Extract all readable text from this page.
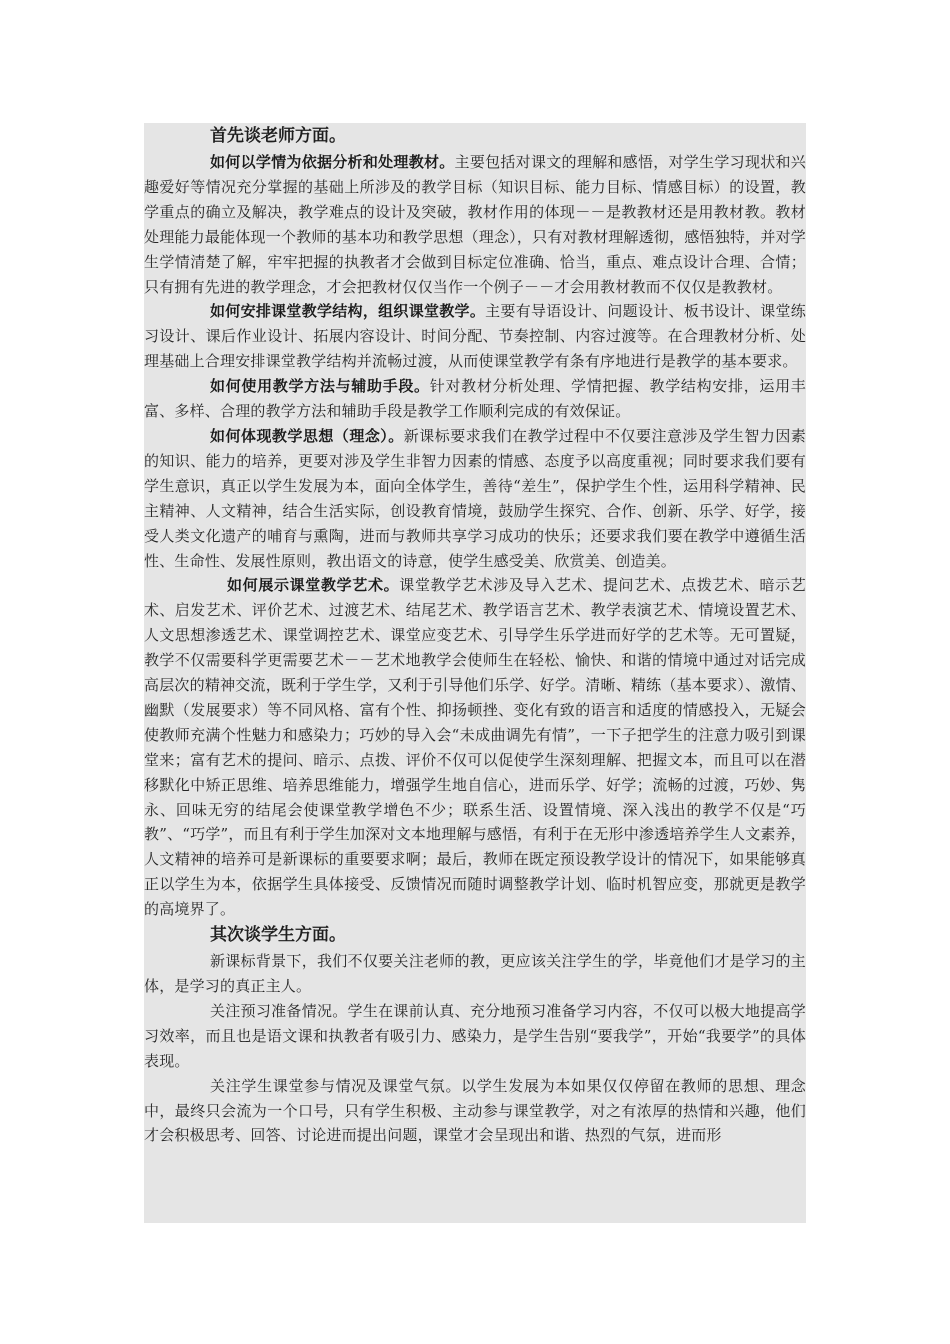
首先谈老师方面。

如何以学情为依据分析和处理教材。主要包括对课文的理解和感悟，对学生学习现状和兴趣爱好等情况充分掌握的基础上所涉及的教学目标（知识目标、能力目标、情感目标）的设置，教学重点的确立及解决，教学难点的设计及突破，教材作用的体现－－是教教材还是用教材教。教材处理能力最能体现一个教师的基本功和教学思想（理念），只有对教材理解透彻，感悟独特，并对学生学情清楚了解，牢牢把握的执教者才会做到目标定位准确、恰当，重点、难点设计合理、合情；只有拥有先进的教学理念，才会把教材仅仅当作一个例子－－才会用教材教而不仅仅是教教材。

如何安排课堂教学结构，组织课堂教学。主要有导语设计、问题设计、板书设计、课堂练习设计、课后作业设计、拓展内容设计、时间分配、节奏控制、内容过渡等。在合理教材分析、处理基础上合理安排课堂教学结构并流畅过渡，从而使课堂教学有条有序地进行是教学的基本要求。

如何使用教学方法与辅助手段。针对教材分析处理、学情把握、教学结构安排，运用丰富、多样、合理的教学方法和辅助手段是教学工作顺利完成的有效保证。

如何体现教学思想（理念）。新课标要求我们在教学过程中不仅要注意涉及学生智力因素的知识、能力的培养，更要对涉及学生非智力因素的情感、态度予以高度重视；同时要求我们要有学生意识，真正以学生发展为本，面向全体学生，善待“差生”，保护学生个性，运用科学精神、民主精神、人文精神，结合生活实际，创设教育情境，鼓励学生探究、合作、创新、乐学、好学，接受人类文化遗产的哺育与熏陶，进而与教师共享学习成功的快乐；还要求我们要在教学中遵循生活性、生命性、发展性原则，教出语文的诗意，使学生感受美、欣赏美、创造美。

如何展示课堂教学艺术。课堂教学艺术涉及导入艺术、提问艺术、点拨艺术、暗示艺术、启发艺术、评价艺术、过渡艺术、结尾艺术、教学语言艺术、教学表演艺术、情境设置艺术、人文思想渗透艺术、课堂调控艺术、课堂应变艺术、引导学生乐学进而好学的艺术等。无可置疑，教学不仅需要科学更需要艺术－－艺术地教学会使师生在轻松、愉快、和谐的情境中通过对话完成高层次的精神交流，既利于学生学，又利于引导他们乐学、好学。清晰、精练（基本要求）、激情、幽默（发展要求）等不同风格、富有个性、抑扬顿挫、变化有致的语言和适度的情感投入，无疑会使教师充满个性魅力和感染力；巧妙的导入会“未成曲调先有情”，一下子把学生的注意力吸引到课堂来；富有艺术的提问、暗示、点拨、评价不仅可以促使学生深刻理解、把握文本，而且可以在潜移默化中矫正思维、培养思维能力，增强学生地自信心，进而乐学、好学；流畅的过渡，巧妙、隽永、回味无穷的结尾会使课堂教学增色不少；联系生活、设置情境、深入浅出的教学不仅是“巧教”、“巧学”，而且有利于学生加深对文本地理解与感悟，有利于在无形中渗透培养学生人文素养，人文精神的培养可是新课标的重要要求啊；最后，教师在既定预设教学设计的情况下，如果能够真正以学生为本，依据学生具体接受、反馈情况而随时调整教学计划、临时机智应变，那就更是教学的高境界了。

其次谈学生方面。

新课标背景下，我们不仅要关注老师的教，更应该关注学生的学，毕竟他们才是学习的主体，是学习的真正主人。

关注预习准备情况。学生在课前认真、充分地预习准备学习内容，不仅可以极大地提高学习效率，而且也是语文课和执教者有吸引力、感染力，是学生告别“要我学”，开始“我要学”的具体表现。

关注学生课堂参与情况及课堂气氛。以学生发展为本如果仅仅停留在教师的思想、理念中，最终只会流为一个口号，只有学生积极、主动参与课堂教学，对之有浓厚的热情和兴趣，他们才会积极思考、回答、讨论进而提出问题，课堂才会呈现出和谐、热烈的气氛，进而形
